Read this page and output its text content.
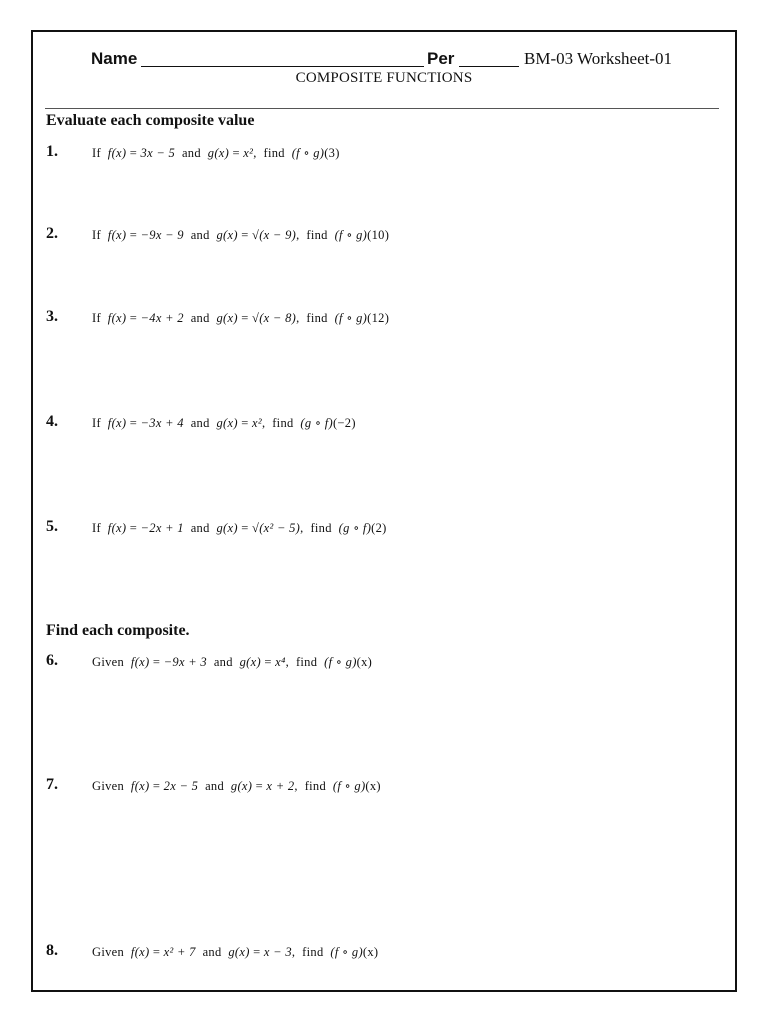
Name	Per	BM-03 Worksheet-01
COMPOSITE FUNCTIONS
Evaluate each composite value
1.	If f(x) = 3x − 5 and g(x) = x²,  find (f ∘ g)(3)
2.	If f(x) = −9x − 9 and g(x) = √(x − 9),  find (f ∘ g)(10)
3.	If f(x) = −4x + 2 and g(x) = √(x − 8),  find (f ∘ g)(12)
4.	If f(x) = −3x + 4 and g(x) = x²,  find (g ∘ f)(−2)
5.	If f(x) = −2x + 1 and g(x) = √(x² − 5),  find (g ∘ f)(2)
Find each composite.
6.	Given f(x) = −9x + 3 and g(x) = x⁴,  find (f ∘ g)(x)
7.	Given f(x) = 2x − 5 and g(x) = x + 2,  find (f ∘ g)(x)
8.	Given f(x) = x² + 7 and g(x) = x − 3,  find (f ∘ g)(x)
